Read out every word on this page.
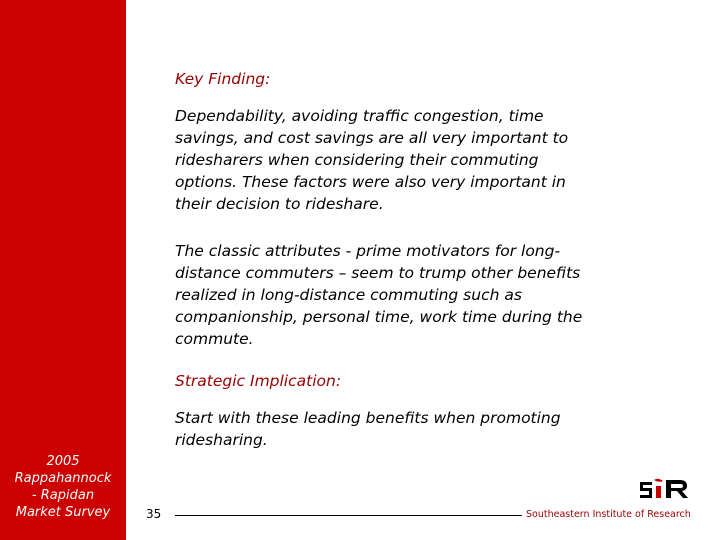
2005
Rappahannock
- Rapidan
Market Survey
Key Finding:
Dependability, avoiding traffic congestion, time
savings, and cost savings are all very important to
ridesharers when considering their commuting
options. These factors were also very important in
their decision to rideshare.
The classic attributes - prime motivators for long-
distance commuters – seem to trump other benefits
realized in long-distance commuting such as
companionship, personal time, work time during the
commute.
Strategic Implication:
Start with these leading benefits when promoting
ridesharing.
35	Southeastern Institute of Research
